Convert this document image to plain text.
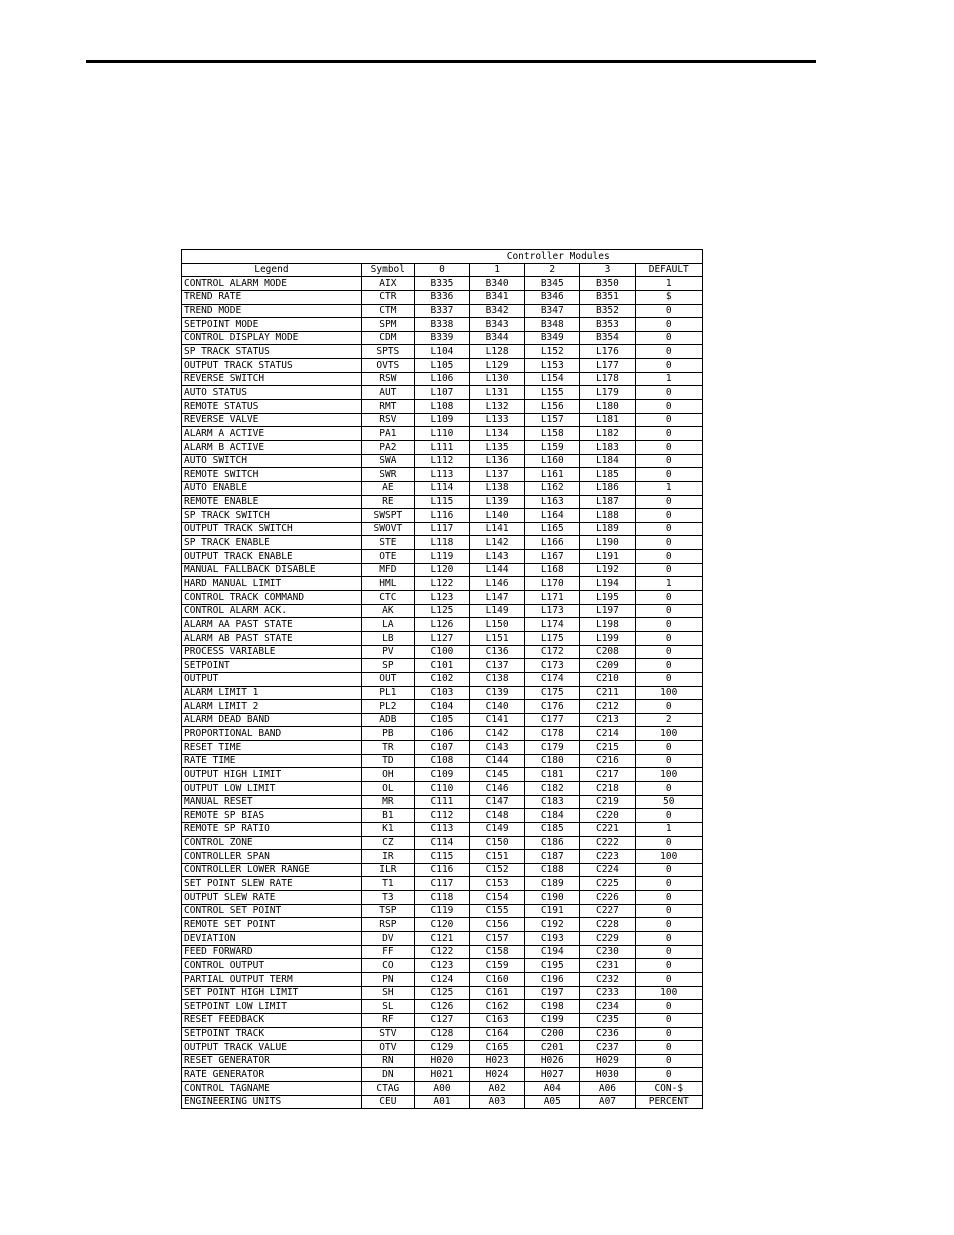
		Controller Modules				
Legend	Symbol	0	1	2	3	DEFAULT
CONTROL ALARM MODE	AIX	B335	B340	B345	B350	1
TREND RATE	CTR	B336	B341	B346	B351	$
TREND MODE	CTM	B337	B342	B347	B352	0
SETPOINT MODE	SPM	B338	B343	B348	B353	0
CONTROL DISPLAY MODE	CDM	B339	B344	B349	B354	0
SP TRACK STATUS	SPTS	L104	L128	L152	L176	0
OUTPUT TRACK STATUS	OVTS	L105	L129	L153	L177	0
REVERSE SWITCH	RSW	L106	L130	L154	L178	1
AUTO STATUS	AUT	L107	L131	L155	L179	0
REMOTE STATUS	RMT	L108	L132	L156	L180	0
REVERSE VALVE	RSV	L109	L133	L157	L181	0
ALARM A ACTIVE	PA1	L110	L134	L158	L182	0
ALARM B ACTIVE	PA2	L111	L135	L159	L183	0
AUTO SWITCH	SWA	L112	L136	L160	L184	0
REMOTE SWITCH	SWR	L113	L137	L161	L185	0
AUTO ENABLE	AE	L114	L138	L162	L186	1
REMOTE ENABLE	RE	L115	L139	L163	L187	0
SP TRACK SWITCH	SWSPT	L116	L140	L164	L188	0
OUTPUT TRACK SWITCH	SWOVT	L117	L141	L165	L189	0
SP TRACK ENABLE	STE	L118	L142	L166	L190	0
OUTPUT TRACK ENABLE	OTE	L119	L143	L167	L191	0
MANUAL FALLBACK DISABLE	MFD	L120	L144	L168	L192	0
HARD MANUAL LIMIT	HML	L122	L146	L170	L194	1
CONTROL TRACK COMMAND	CTC	L123	L147	L171	L195	0
CONTROL ALARM ACK.	AK	L125	L149	L173	L197	0
ALARM AA PAST STATE	LA	L126	L150	L174	L198	0
ALARM AB PAST STATE	LB	L127	L151	L175	L199	0
PROCESS VARIABLE	PV	C100	C136	C172	C208	0
SETPOINT	SP	C101	C137	C173	C209	0
OUTPUT	OUT	C102	C138	C174	C210	0
ALARM LIMIT 1	PL1	C103	C139	C175	C211	100
ALARM LIMIT 2	PL2	C104	C140	C176	C212	0
ALARM DEAD BAND	ADB	C105	C141	C177	C213	2
PROPORTIONAL BAND	PB	C106	C142	C178	C214	100
RESET TIME	TR	C107	C143	C179	C215	0
RATE TIME	TD	C108	C144	C180	C216	0
OUTPUT HIGH LIMIT	OH	C109	C145	C181	C217	100
OUTPUT LOW LIMIT	OL	C110	C146	C182	C218	0
MANUAL RESET	MR	C111	C147	C183	C219	50
REMOTE SP BIAS	B1	C112	C148	C184	C220	0
REMOTE SP RATIO	K1	C113	C149	C185	C221	1
CONTROL ZONE	CZ	C114	C150	C186	C222	0
CONTROLLER SPAN	IR	C115	C151	C187	C223	100
CONTROLLER LOWER RANGE	ILR	C116	C152	C188	C224	0
SET POINT SLEW RATE	T1	C117	C153	C189	C225	0
OUTPUT SLEW RATE	T3	C118	C154	C190	C226	0
CONTROL SET POINT	TSP	C119	C155	C191	C227	0
REMOTE SET POINT	RSP	C120	C156	C192	C228	0
DEVIATION	DV	C121	C157	C193	C229	0
FEED FORWARD	FF	C122	C158	C194	C230	0
CONTROL OUTPUT	CO	C123	C159	C195	C231	0
PARTIAL OUTPUT TERM	PN	C124	C160	C196	C232	0
SET POINT HIGH LIMIT	SH	C125	C161	C197	C233	100
SETPOINT LOW LIMIT	SL	C126	C162	C198	C234	0
RESET FEEDBACK	RF	C127	C163	C199	C235	0
SETPOINT TRACK	STV	C128	C164	C200	C236	0
OUTPUT TRACK VALUE	OTV	C129	C165	C201	C237	0
RESET GENERATOR	RN	H020	H023	H026	H029	0
RATE GENERATOR	DN	H021	H024	H027	H030	0
CONTROL TAGNAME	CTAG	A00	A02	A04	A06	CON-$
ENGINEERING UNITS	CEU	A01	A03	A05	A07	PERCENT
